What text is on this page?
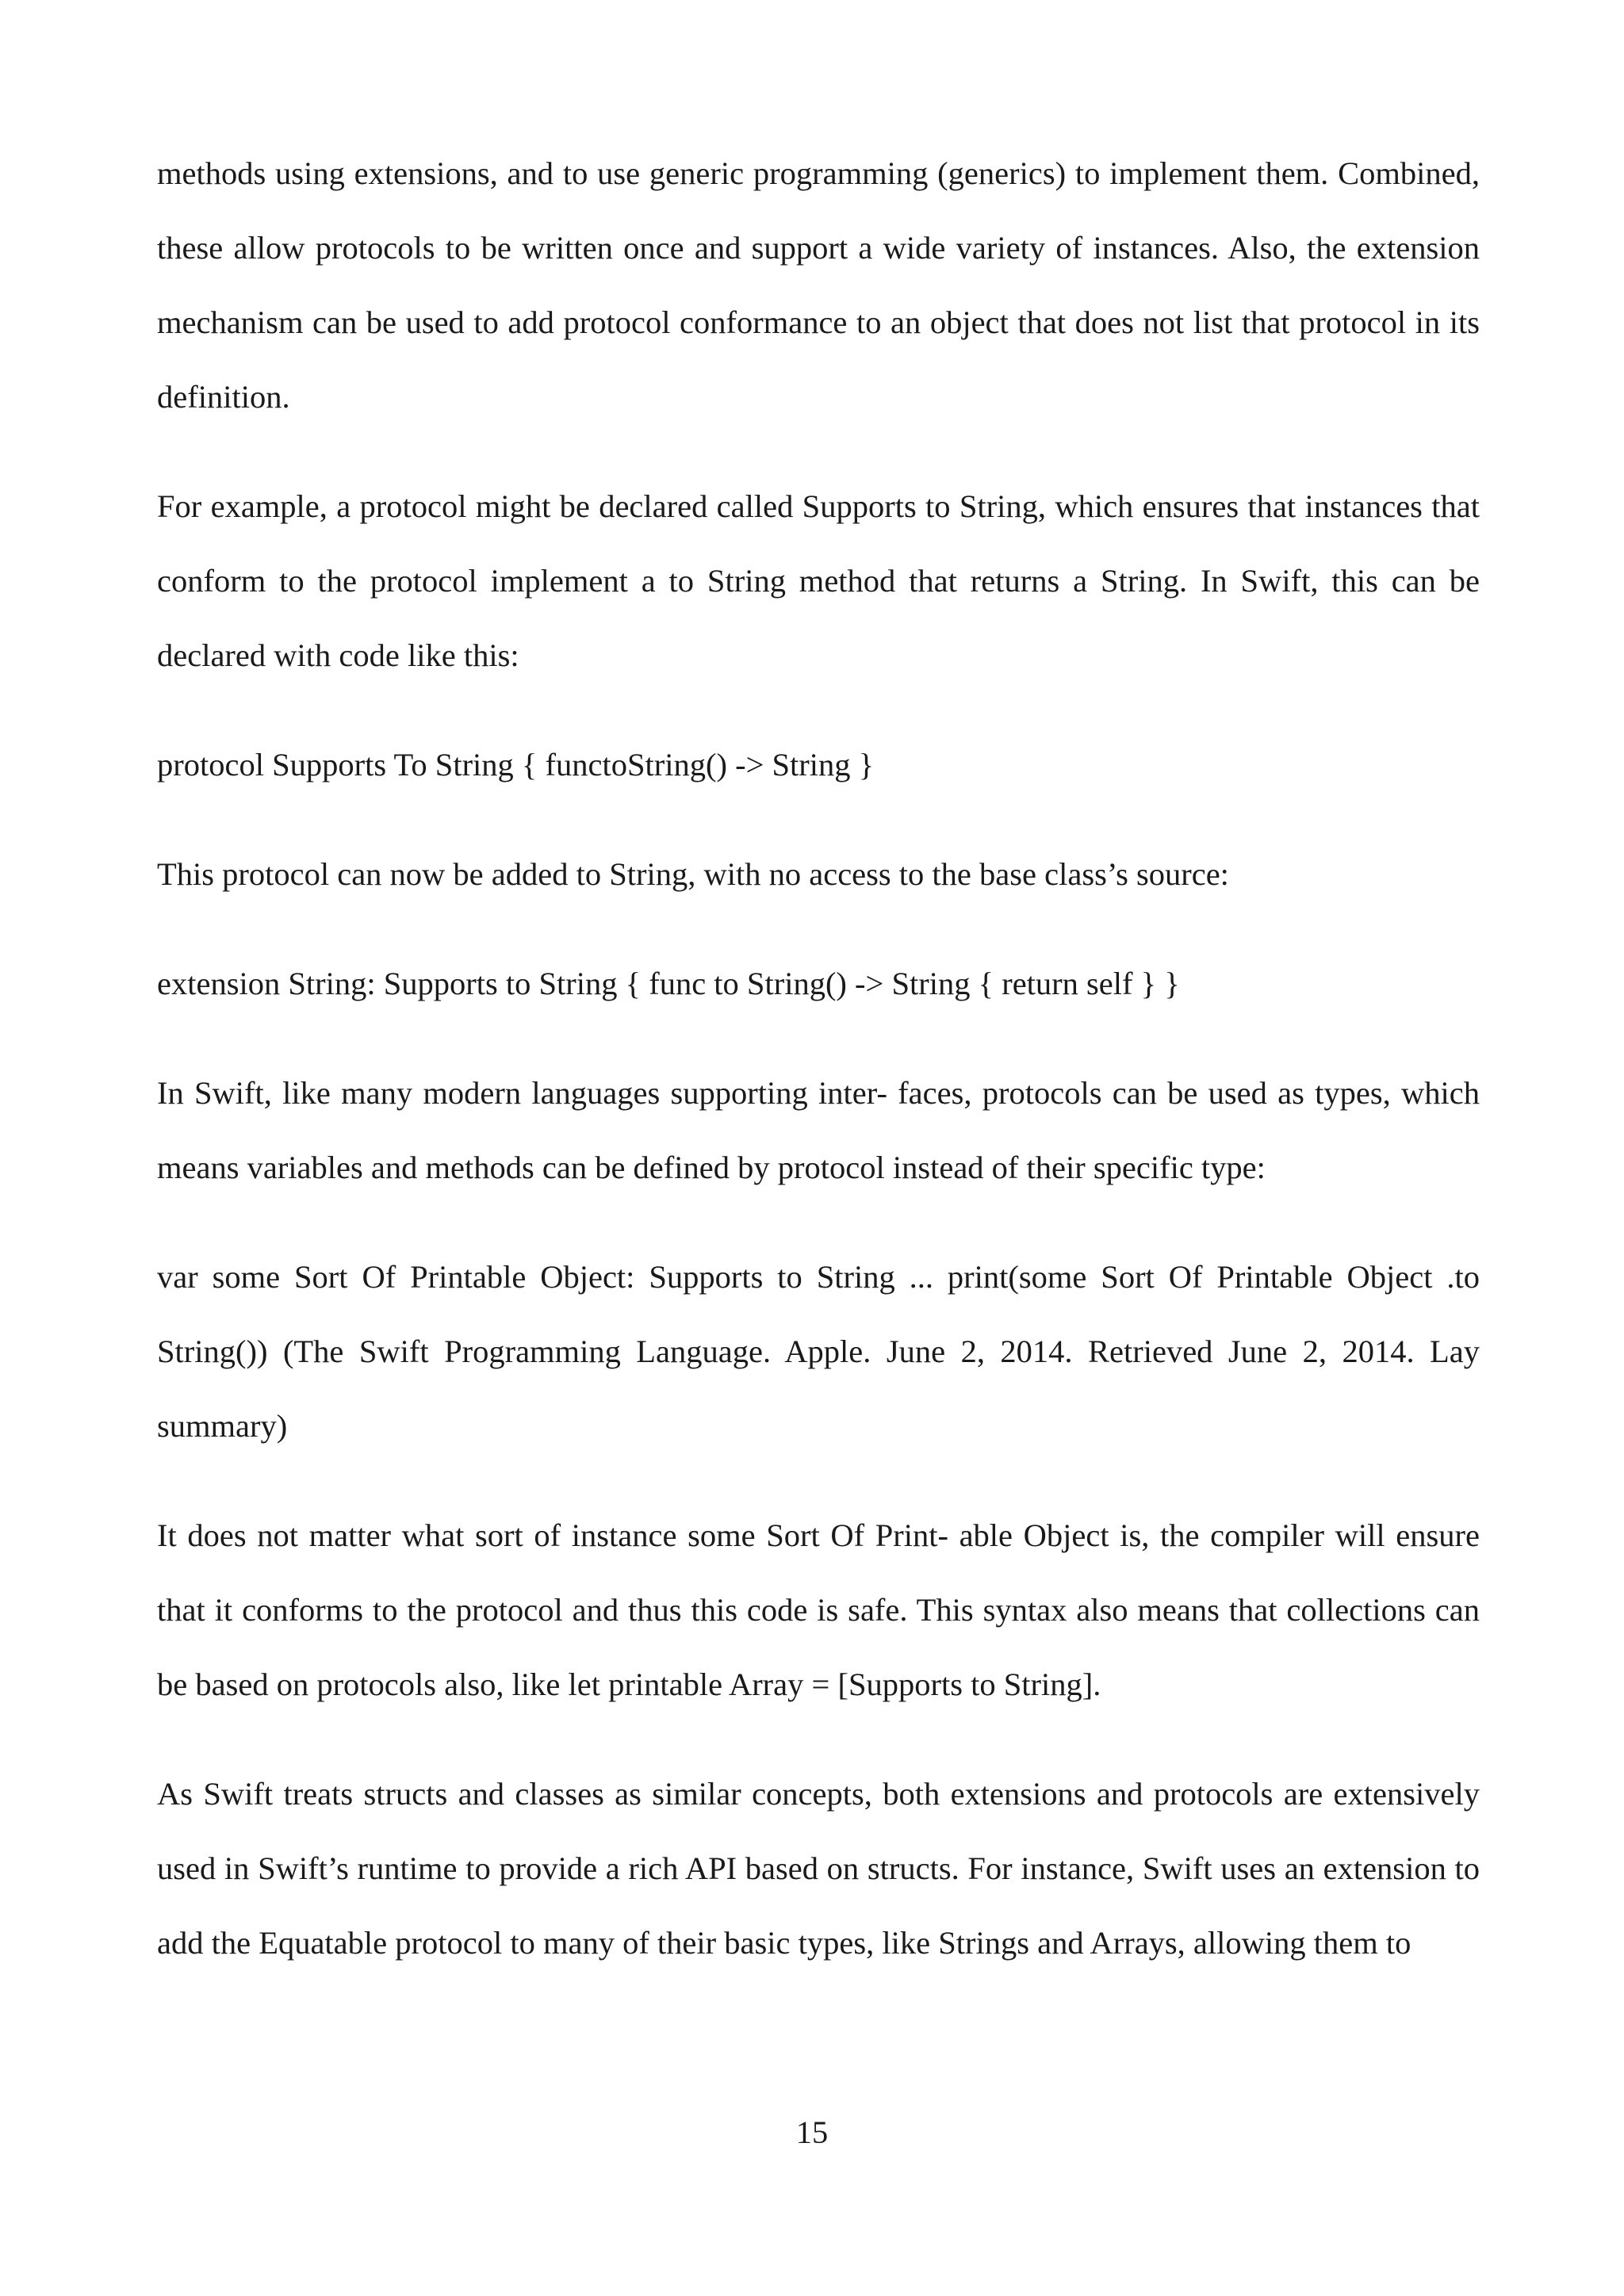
methods using extensions, and to use generic programming (generics) to implement them. Combined, these allow protocols to be written once and support a wide variety of instances. Also, the extension mechanism can be used to add protocol conformance to an object that does not list that protocol in its definition.

For example, a protocol might be declared called Supports to String, which ensures that instances that conform to the protocol implement a to String method that returns a String. In Swift, this can be declared with code like this:

protocol Supports To String { functoString() -> String }

This protocol can now be added to String, with no access to the base class’s source:

extension String: Supports to String { func to String() -> String { return self } }

In Swift, like many modern languages supporting inter- faces, protocols can be used as types, which means variables and methods can be defined by protocol instead of their specific type:

var some Sort Of Printable Object: Supports to String ... print(some Sort Of Printable Object .to String()) (The Swift Programming Language. Apple. June 2, 2014. Retrieved June 2, 2014. Lay summary)

It does not matter what sort of instance some Sort Of Print- able Object is, the compiler will ensure that it conforms to the protocol and thus this code is safe. This syntax also means that collections can be based on protocols also, like let printable Array = [Supports to String].

As Swift treats structs and classes as similar concepts, both extensions and protocols are extensively used in Swift’s runtime to provide a rich API based on structs. For instance, Swift uses an extension to add the Equatable protocol to many of their basic types, like Strings and Arrays, allowing them to

15
